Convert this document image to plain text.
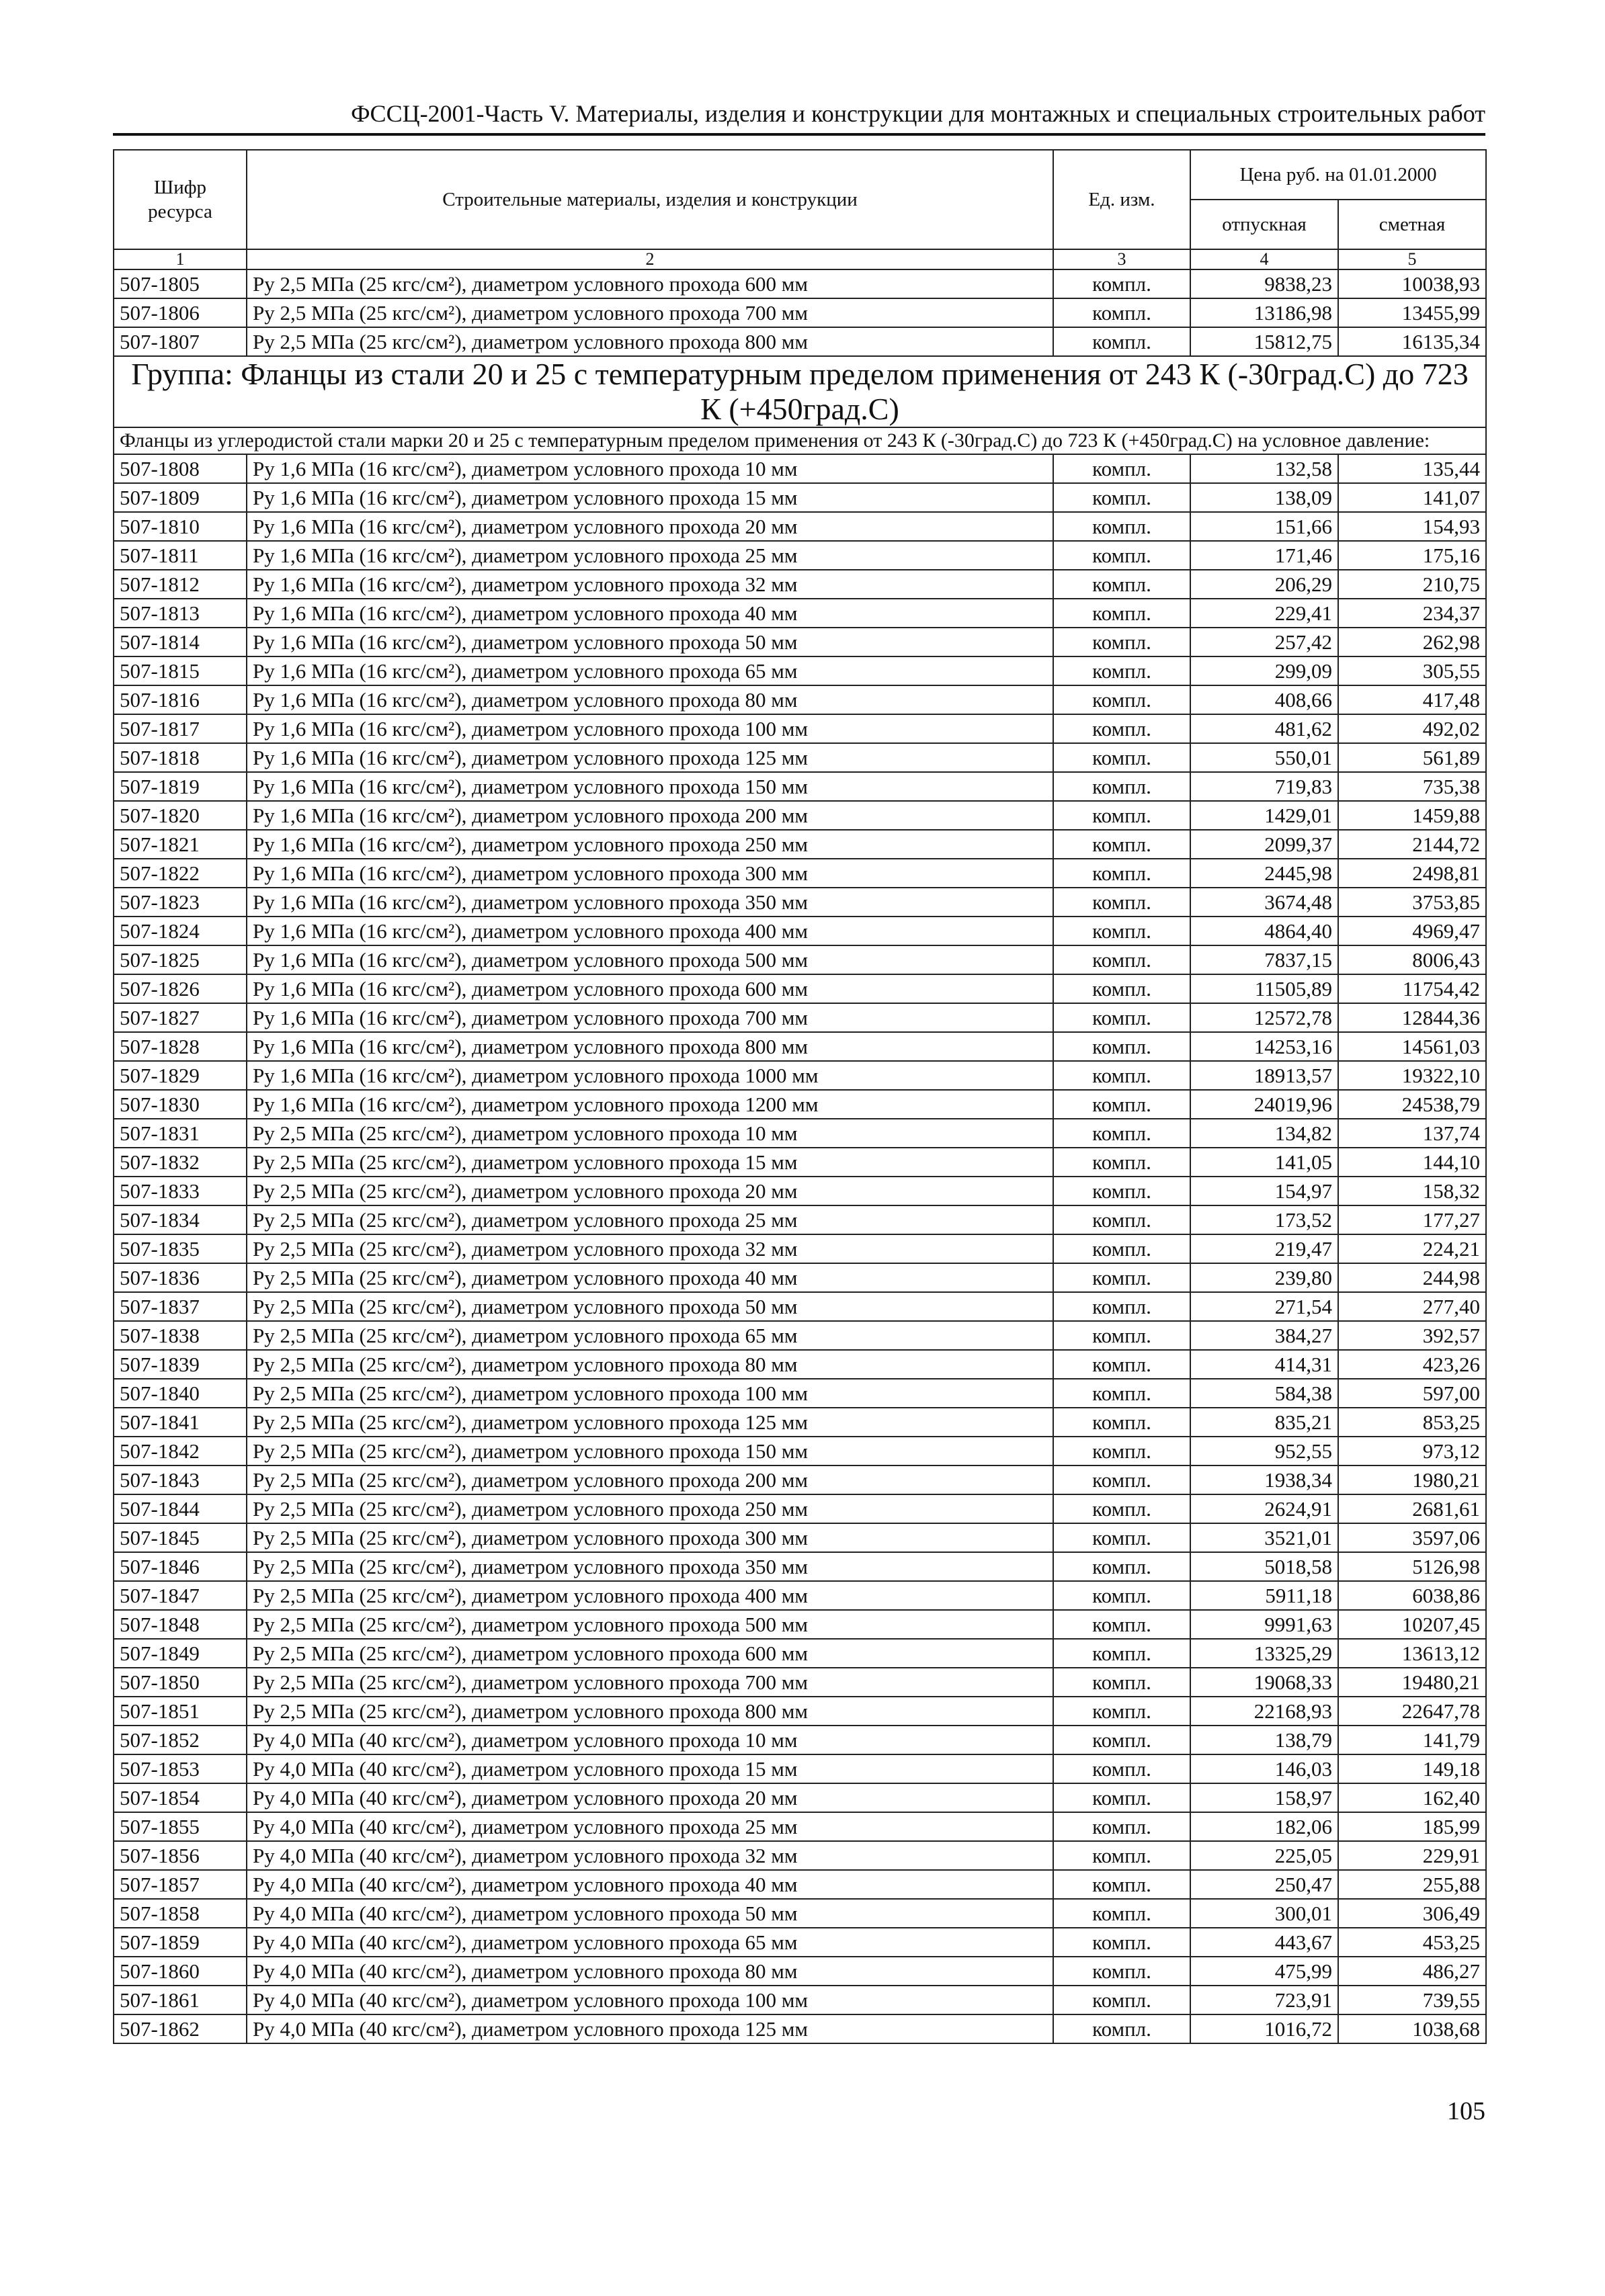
ФССЦ-2001-Часть V. Материалы, изделия и конструкции для монтажных и специальных строительных работ
Шифр ресурса	Строительные материалы, изделия и конструкции	Ед. изм.	Цена руб. на 01.01.2000	
			отпускная	сметная
1	2	3	4	5
507-1805	Ру 2,5 МПа (25 кгс/см²), диаметром условного прохода 600 мм	компл.	9838,23	10038,93
507-1806	Ру 2,5 МПа (25 кгс/см²), диаметром условного прохода 700 мм	компл.	13186,98	13455,99
507-1807	Ру 2,5 МПа (25 кгс/см²), диаметром условного прохода 800 мм	компл.	15812,75	16135,34
Группа: Фланцы из стали 20 и 25 с температурным пределом применения от 243 К (-30град.С) до 723 К (+450град.С)				
Фланцы из углеродистой стали марки 20 и 25 с температурным пределом применения от 243 К (-30град.С) до 723 К (+450град.С) на условное давление:				
507-1808	Ру 1,6 МПа (16 кгс/см²), диаметром условного прохода 10 мм	компл.	132,58	135,44
507-1809	Ру 1,6 МПа (16 кгс/см²), диаметром условного прохода 15 мм	компл.	138,09	141,07
507-1810	Ру 1,6 МПа (16 кгс/см²), диаметром условного прохода 20 мм	компл.	151,66	154,93
507-1811	Ру 1,6 МПа (16 кгс/см²), диаметром условного прохода 25 мм	компл.	171,46	175,16
507-1812	Ру 1,6 МПа (16 кгс/см²), диаметром условного прохода 32 мм	компл.	206,29	210,75
507-1813	Ру 1,6 МПа (16 кгс/см²), диаметром условного прохода 40 мм	компл.	229,41	234,37
507-1814	Ру 1,6 МПа (16 кгс/см²), диаметром условного прохода 50 мм	компл.	257,42	262,98
507-1815	Ру 1,6 МПа (16 кгс/см²), диаметром условного прохода 65 мм	компл.	299,09	305,55
507-1816	Ру 1,6 МПа (16 кгс/см²), диаметром условного прохода 80 мм	компл.	408,66	417,48
507-1817	Ру 1,6 МПа (16 кгс/см²), диаметром условного прохода 100 мм	компл.	481,62	492,02
507-1818	Ру 1,6 МПа (16 кгс/см²), диаметром условного прохода 125 мм	компл.	550,01	561,89
507-1819	Ру 1,6 МПа (16 кгс/см²), диаметром условного прохода 150 мм	компл.	719,83	735,38
507-1820	Ру 1,6 МПа (16 кгс/см²), диаметром условного прохода 200 мм	компл.	1429,01	1459,88
507-1821	Ру 1,6 МПа (16 кгс/см²), диаметром условного прохода 250 мм	компл.	2099,37	2144,72
507-1822	Ру 1,6 МПа (16 кгс/см²), диаметром условного прохода 300 мм	компл.	2445,98	2498,81
507-1823	Ру 1,6 МПа (16 кгс/см²), диаметром условного прохода 350 мм	компл.	3674,48	3753,85
507-1824	Ру 1,6 МПа (16 кгс/см²), диаметром условного прохода 400 мм	компл.	4864,40	4969,47
507-1825	Ру 1,6 МПа (16 кгс/см²), диаметром условного прохода 500 мм	компл.	7837,15	8006,43
507-1826	Ру 1,6 МПа (16 кгс/см²), диаметром условного прохода 600 мм	компл.	11505,89	11754,42
507-1827	Ру 1,6 МПа (16 кгс/см²), диаметром условного прохода 700 мм	компл.	12572,78	12844,36
507-1828	Ру 1,6 МПа (16 кгс/см²), диаметром условного прохода 800 мм	компл.	14253,16	14561,03
507-1829	Ру 1,6 МПа (16 кгс/см²), диаметром условного прохода 1000 мм	компл.	18913,57	19322,10
507-1830	Ру 1,6 МПа (16 кгс/см²), диаметром условного прохода 1200 мм	компл.	24019,96	24538,79
507-1831	Ру 2,5 МПа (25 кгс/см²), диаметром условного прохода 10 мм	компл.	134,82	137,74
507-1832	Ру 2,5 МПа (25 кгс/см²), диаметром условного прохода 15 мм	компл.	141,05	144,10
507-1833	Ру 2,5 МПа (25 кгс/см²), диаметром условного прохода 20 мм	компл.	154,97	158,32
507-1834	Ру 2,5 МПа (25 кгс/см²), диаметром условного прохода 25 мм	компл.	173,52	177,27
507-1835	Ру 2,5 МПа (25 кгс/см²), диаметром условного прохода 32 мм	компл.	219,47	224,21
507-1836	Ру 2,5 МПа (25 кгс/см²), диаметром условного прохода 40 мм	компл.	239,80	244,98
507-1837	Ру 2,5 МПа (25 кгс/см²), диаметром условного прохода 50 мм	компл.	271,54	277,40
507-1838	Ру 2,5 МПа (25 кгс/см²), диаметром условного прохода 65 мм	компл.	384,27	392,57
507-1839	Ру 2,5 МПа (25 кгс/см²), диаметром условного прохода 80 мм	компл.	414,31	423,26
507-1840	Ру 2,5 МПа (25 кгс/см²), диаметром условного прохода 100 мм	компл.	584,38	597,00
507-1841	Ру 2,5 МПа (25 кгс/см²), диаметром условного прохода 125 мм	компл.	835,21	853,25
507-1842	Ру 2,5 МПа (25 кгс/см²), диаметром условного прохода 150 мм	компл.	952,55	973,12
507-1843	Ру 2,5 МПа (25 кгс/см²), диаметром условного прохода 200 мм	компл.	1938,34	1980,21
507-1844	Ру 2,5 МПа (25 кгс/см²), диаметром условного прохода 250 мм	компл.	2624,91	2681,61
507-1845	Ру 2,5 МПа (25 кгс/см²), диаметром условного прохода 300 мм	компл.	3521,01	3597,06
507-1846	Ру 2,5 МПа (25 кгс/см²), диаметром условного прохода 350 мм	компл.	5018,58	5126,98
507-1847	Ру 2,5 МПа (25 кгс/см²), диаметром условного прохода 400 мм	компл.	5911,18	6038,86
507-1848	Ру 2,5 МПа (25 кгс/см²), диаметром условного прохода 500 мм	компл.	9991,63	10207,45
507-1849	Ру 2,5 МПа (25 кгс/см²), диаметром условного прохода 600 мм	компл.	13325,29	13613,12
507-1850	Ру 2,5 МПа (25 кгс/см²), диаметром условного прохода 700 мм	компл.	19068,33	19480,21
507-1851	Ру 2,5 МПа (25 кгс/см²), диаметром условного прохода 800 мм	компл.	22168,93	22647,78
507-1852	Ру 4,0 МПа (40 кгс/см²), диаметром условного прохода 10 мм	компл.	138,79	141,79
507-1853	Ру 4,0 МПа (40 кгс/см²), диаметром условного прохода 15 мм	компл.	146,03	149,18
507-1854	Ру 4,0 МПа (40 кгс/см²), диаметром условного прохода 20 мм	компл.	158,97	162,40
507-1855	Ру 4,0 МПа (40 кгс/см²), диаметром условного прохода 25 мм	компл.	182,06	185,99
507-1856	Ру 4,0 МПа (40 кгс/см²), диаметром условного прохода 32 мм	компл.	225,05	229,91
507-1857	Ру 4,0 МПа (40 кгс/см²), диаметром условного прохода 40 мм	компл.	250,47	255,88
507-1858	Ру 4,0 МПа (40 кгс/см²), диаметром условного прохода 50 мм	компл.	300,01	306,49
507-1859	Ру 4,0 МПа (40 кгс/см²), диаметром условного прохода 65 мм	компл.	443,67	453,25
507-1860	Ру 4,0 МПа (40 кгс/см²), диаметром условного прохода 80 мм	компл.	475,99	486,27
507-1861	Ру 4,0 МПа (40 кгс/см²), диаметром условного прохода 100 мм	компл.	723,91	739,55
507-1862	Ру 4,0 МПа (40 кгс/см²), диаметром условного прохода 125 мм	компл.	1016,72	1038,68
105
